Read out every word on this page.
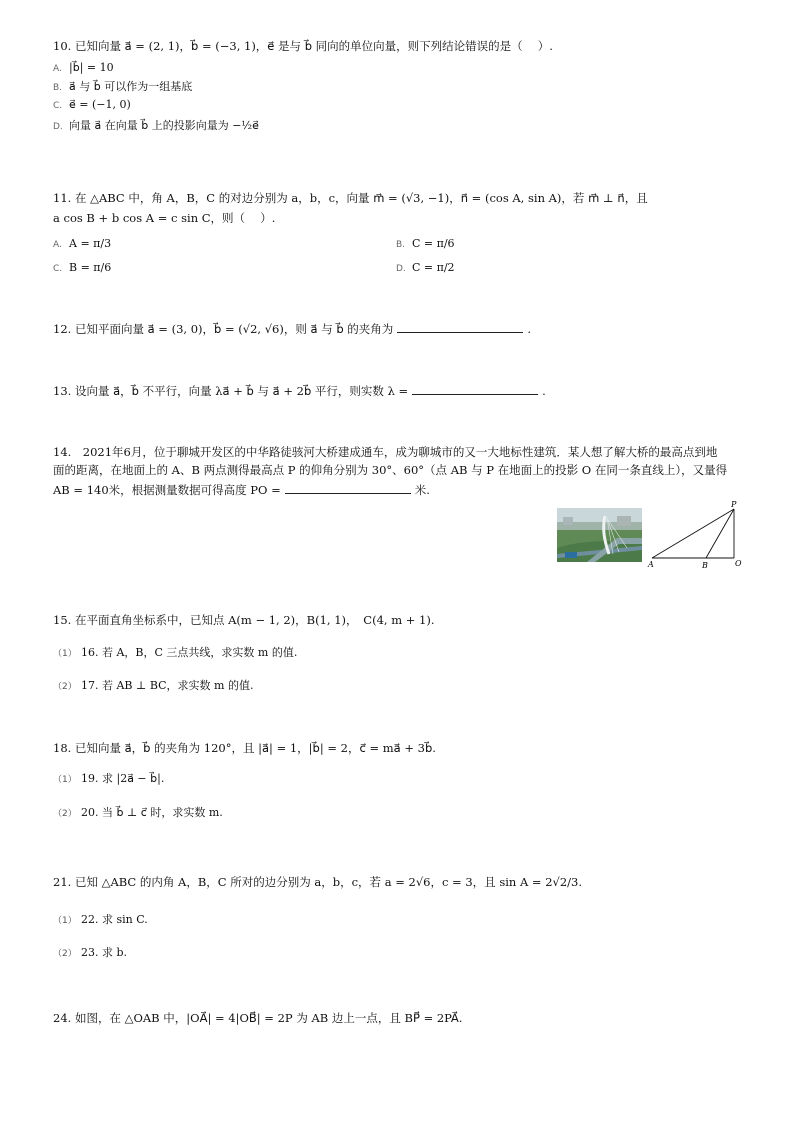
10. 已知向量 a⃗ = (2, 1)，b⃗ = (−3, 1)，e⃗ 是与 b⃗ 同向的单位向量，则下列结论错误的是（　 ）.
A. |b⃗| = 10
B. a⃗ 与 b⃗ 可以作为一组基底
C. e⃗ = (−1, 0)
D. 向量 a⃗ 在向量 b⃗ 上的投影向量为 −½e⃗
11. 在 △ABC 中，角 A，B，C 的对边分别为 a，b，c，向量 m⃗ = (√3, −1)，n⃗ = (cos A, sin A)，若 m⃗ ⊥ n⃗，且
a cos B + b cos A = c sin C，则（　 ）.
A. A = π/3	B. C = π/6
C. B = π/6	D. C = π/2
12. 已知平面向量 a⃗ = (3, 0)，b⃗ = (√2, √6)，则 a⃗ 与 b⃗ 的夹角为	.
13. 设向量 a⃗，b⃗ 不平行，向量 λa⃗ + b⃗ 与 a⃗ + 2b⃗ 平行，则实数 λ =	.
14.　2021年6月，位于聊城开发区的中华路徒骇河大桥建成通车，成为聊城市的又一大地标性建筑．某人想了解大桥的最高点到地
面的距离，在地面上的 A、B 两点测得最高点 P 的仰角分别为 30°、60°（点 AB 与 P 在地面上的投影 O 在同一条直线上），又量得
AB = 140米，根据测量数据可得高度 PO =	米.
P
A	B	O
15. 在平面直角坐标系中，已知点 A(m − 1, 2)，B(1, 1)，　C(4, m + 1).
（1） 16. 若 A，B，C 三点共线，求实数 m 的值.
（2） 17. 若 AB ⊥ BC，求实数 m 的值.
18. 已知向量 a⃗，b⃗ 的夹角为 120°，且 |a⃗| = 1，|b⃗| = 2，c⃗ = ma⃗ + 3b⃗.
（1） 19. 求 |2a⃗ − b⃗|.
（2） 20. 当 b⃗ ⊥ c⃗ 时，求实数 m.
21. 已知 △ABC 的内角 A，B，C 所对的边分别为 a，b，c，若 a = 2√6，c = 3，且 sin A = 2√2/3.
（1） 22. 求 sin C.
（2） 23. 求 b.
24. 如图，在 △OAB 中，|OA⃗| = 4|OB⃗| = 2P 为 AB 边上一点，且 BP⃗ = 2PA⃗.
